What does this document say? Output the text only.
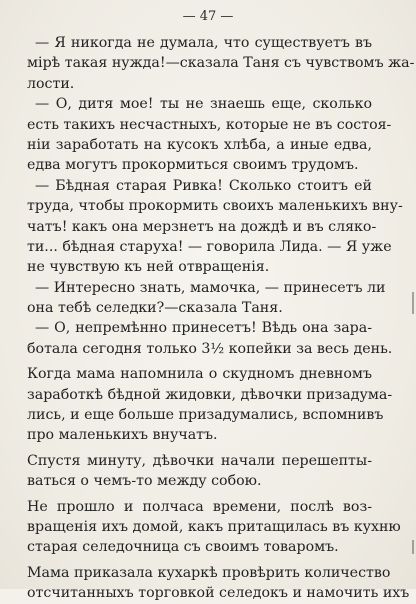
— 47 —
— Я никогда не думала, что существуетъ въ
мірѣ такая нужда!—сказала Таня съ чувствомъ жа-
лости.
— О, дитя мое! ты не знаешь еще, сколько
есть такихъ несчастныхъ, которые не въ состоя-
ніи заработать на кусокъ хлѣба, а иные едва,
едва могутъ прокормиться своимъ трудомъ.
— Бѣдная старая Ривка! Сколько стоитъ ей
труда, чтобы прокормить своихъ маленькихъ вну-
чатъ! какъ она мерзнетъ на дождѣ и въ сляко-
ти... бѣдная старуха! — говорила Лида. — Я уже
не чувствую къ ней отвращенія.
— Интересно знать, мамочка, — принесетъ ли
она тебѣ селедки?—сказала Таня.
— О, непремѣнно принесетъ! Вѣдь она зара-
ботала сегодня только 3½ копейки за весь день.
Когда мама напомнила о скудномъ дневномъ
заработкѣ бѣдной жидовки, дѣвочки призадума-
лись, и еще больше призадумались, вспомнивъ
про маленькихъ внучатъ.
Спустя минуту, дѣвочки начали перешепты-
ваться о чемъ-то между собою.
Не прошло и полчаса времени, послѣ воз-
вращенія ихъ домой, какъ притащилась въ кухню
старая селедочница съ своимъ товаромъ.
Мама приказала кухаркѣ провѣрить количество
отсчитанныхъ торговкой селедокъ и намочить ихъ
